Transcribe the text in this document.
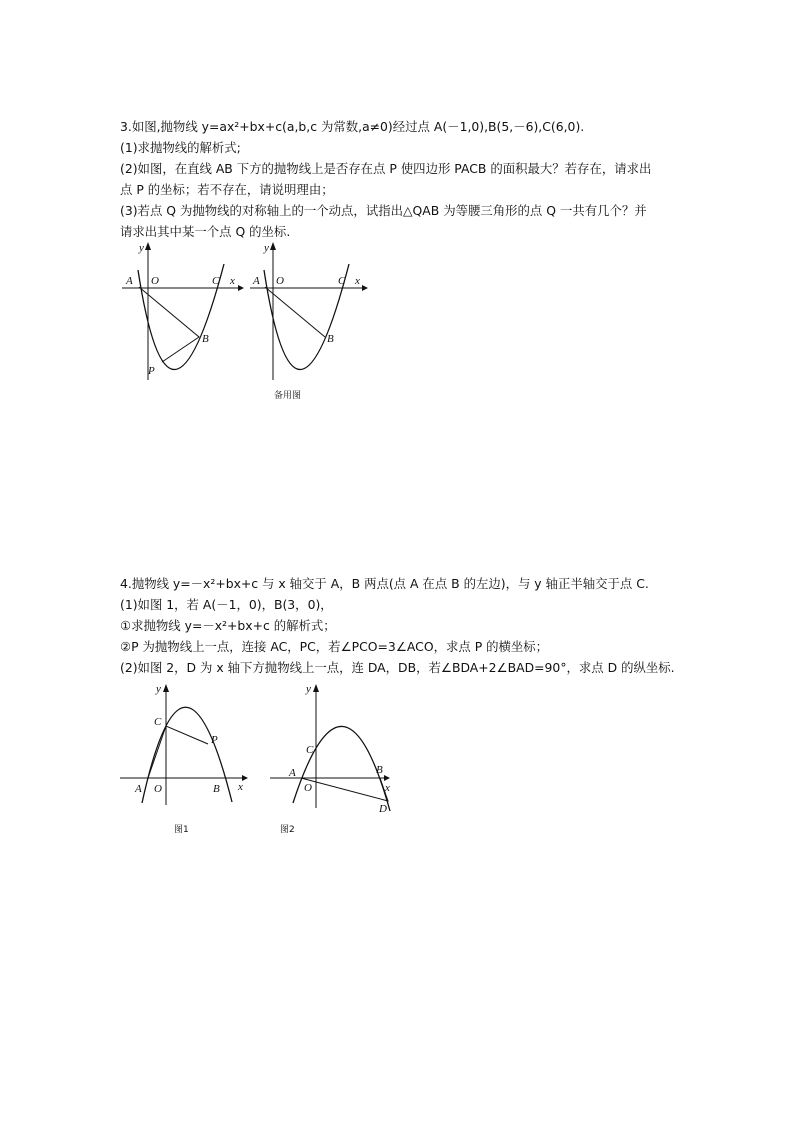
3.如图,抛物线 y=ax²+bx+c(a,b,c 为常数,a≠0)经过点 A(－1,0),B(5,－6),C(6,0).
(1)求抛物线的解析式;
(2)如图，在直线 AB 下方的抛物线上是否存在点 P 使四边形 PACB 的面积最大？若存在，请求出
点 P 的坐标；若不存在，请说明理由；
(3)若点 Q 为抛物线的对称轴上的一个动点，试指出△QAB 为等腰三角形的点 Q 一共有几个？并
请求出其中某一个点 Q 的坐标.
A O	C
B
P
y
x A O	C
B
y
x
备用图
4.抛物线 y=－x²+bx+c 与 x 轴交于 A，B 两点(点 A 在点 B 的左边)，与 y 轴正半轴交于点 C.
(1)如图 1，若 A(－1，0)，B(3，0)，
①求抛物线 y=－x²+bx+c 的解析式；
②P 为抛物线上一点，连接 AC，PC，若∠PCO=3∠ACO，求点 P 的横坐标；
(2)如图 2，D 为 x 轴下方抛物线上一点，连 DA，DB，若∠BDA+2∠BAD=90°，求点 D 的纵坐标.
A O
C
P
B
y
x
图1
A
O
C
B
D
y
x
图2
